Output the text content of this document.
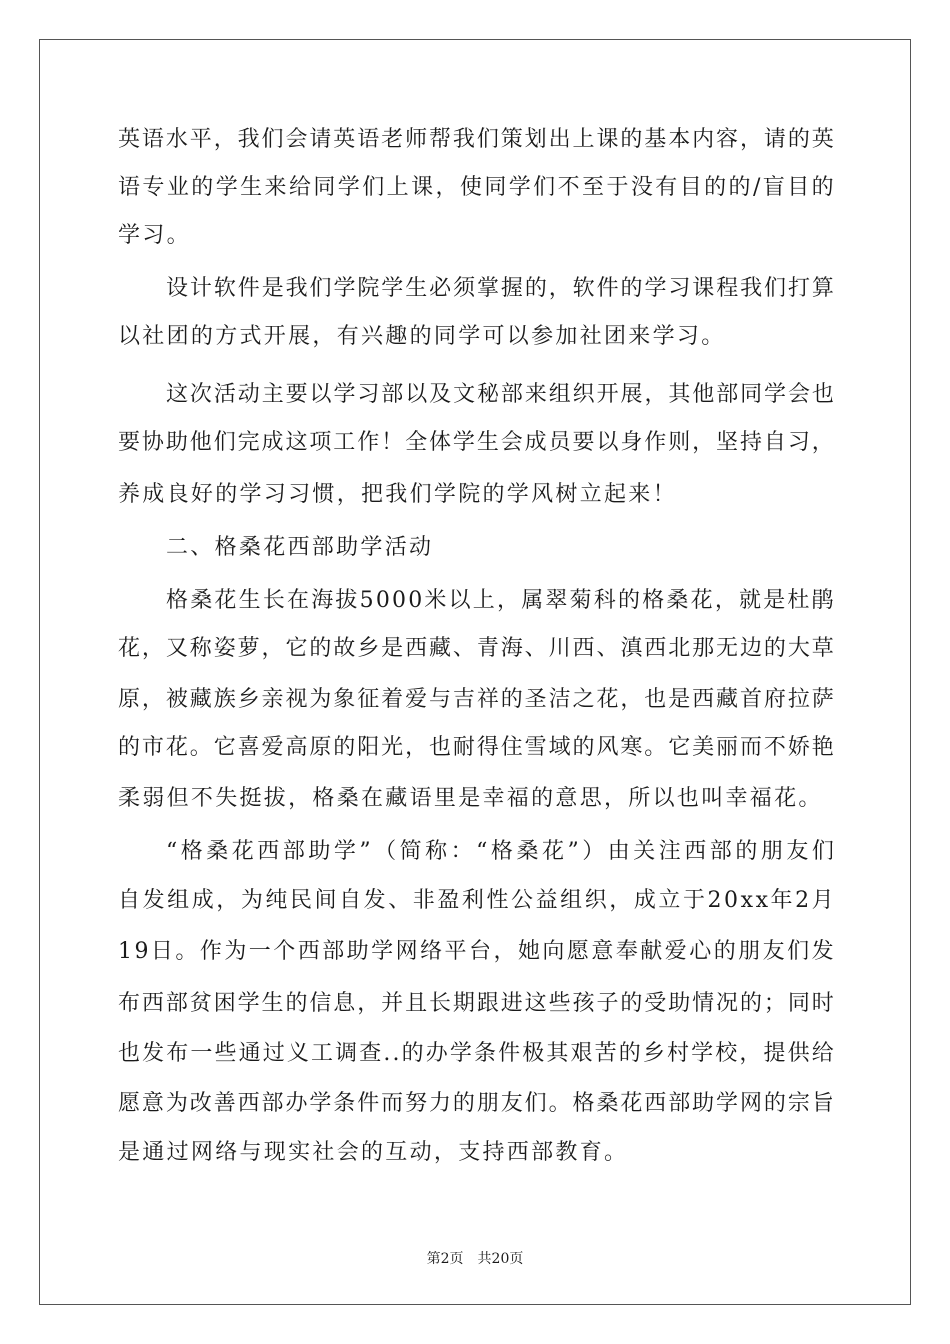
英 语 水 平 ， 我 们 会 请 英 语 老 师 帮 我 们 策 划 出 上 课 的 基 本 内 容 ， 请 的 英
语 专 业 的 学 生 来 给 同 学 们 上 课 ， 使 同 学 们 不 至 于 没 有 目 的 的 / 盲 目 的
学习。
设 计 软 件 是 我 们 学 院 学 生 必 须 掌 握 的 ， 软 件 的 学 习 课 程 我 们 打 算
以社团的方式开展，有兴趣的同学可以参加社团来学习。
这 次 活 动 主 要 以 学 习 部 以 及 文 秘 部 来 组 织 开 展 ， 其 他 部 同 学 会 也
要 协 助 他 们 完 成 这 项 工 作 ！ 全 体 学 生 会 成 员 要 以 身 作 则 ， 坚 持 自 习 ，
养成良好的学习习惯，把我们学院的学风树立起来！
二、格桑花西部助学活动
格 桑 花 生 长 在 海 拔 5 0 0 0 米 以 上 ， 属 翠 菊 科 的 格 桑 花 ， 就 是 杜 鹃
花 ， 又 称 姿 萝 ， 它 的 故 乡 是 西 藏 、 青 海 、 川 西 、 滇 西 北 那 无 边 的 大 草
原 ， 被 藏 族 乡 亲 视 为 象 征 着 爱 与 吉 祥 的 圣 洁 之 花 ， 也 是 西 藏 首 府 拉 萨
的 市 花 。 它 喜 爱 高 原 的 阳 光 ， 也 耐 得 住 雪 域 的 风 寒 。 它 美 丽 而 不 娇 艳
柔弱但不失挺拔，格桑在藏语里是幸福的意思，所以也叫幸福花。
“ 格 桑 花 西 部 助 学 ” （ 简 称 ： “ 格 桑 花 ” ） 由 关 注 西 部 的 朋 友 们
自 发 组 成 ， 为 纯 民 间 自 发 、 非 盈 利 性 公 益 组 织 ， 成 立 于 2 0 x x 年 2 月
1 9 日 。 作 为 一 个 西 部 助 学 网 络 平 台 ， 她 向 愿 意 奉 献 爱 心 的 朋 友 们 发
布 西 部 贫 困 学 生 的 信 息 ， 并 且 长 期 跟 进 这 些 孩 子 的 受 助 情 况 的 ； 同 时
也 发 布 一 些 通 过 义 工 调 查 . . 的 办 学 条 件 极 其 艰 苦 的 乡 村 学 校 ， 提 供 给
愿 意 为 改 善 西 部 办 学 条 件 而 努 力 的 朋 友 们 。 格 桑 花 西 部 助 学 网 的 宗 旨
是通过网络与现实社会的互动，支持西部教育。
第2页　共20页
